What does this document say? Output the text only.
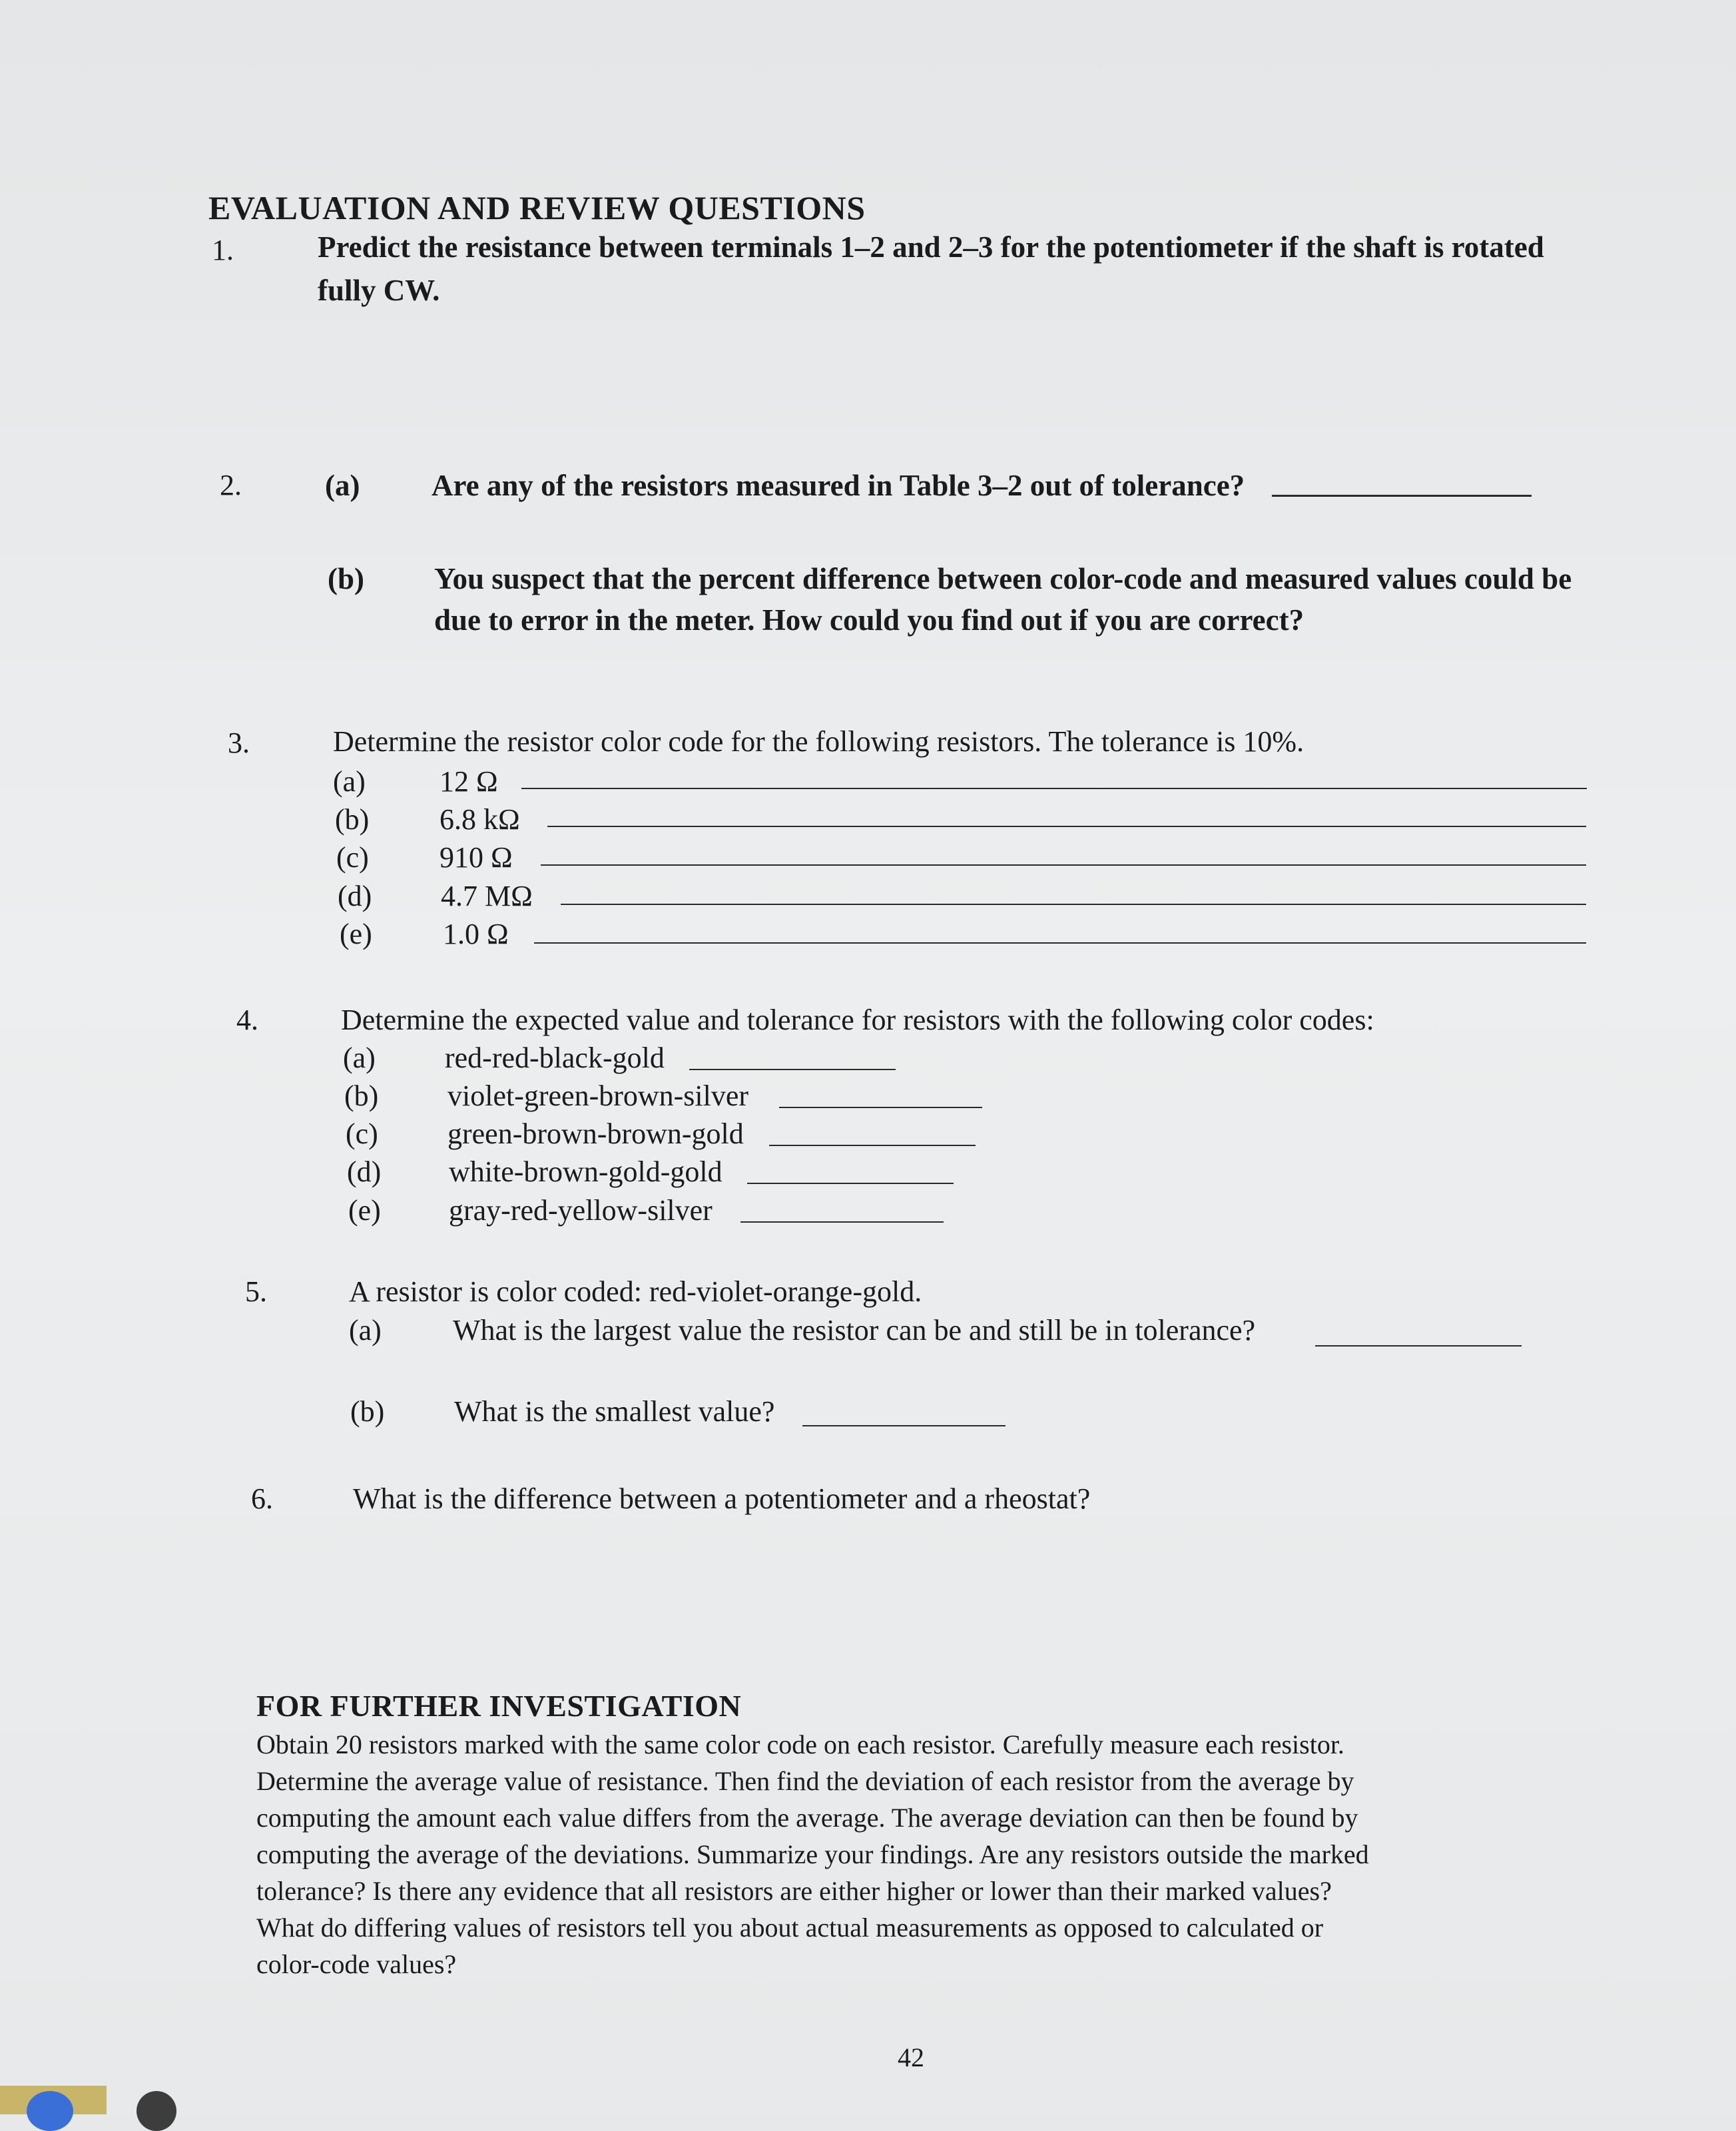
EVALUATION AND REVIEW QUESTIONS
1.	Predict the resistance between terminals 1–2 and 2–3 for the potentiometer if the shaft is rotated
fully CW.
2.	(a) Are any of the resistors measured in Table 3–2 out of tolerance?
(b) You suspect that the percent difference between color-code and measured values could be
due to error in the meter. How could you find out if you are correct?
3.	Determine the resistor color code for the following resistors. The tolerance is 10%.
(a)	12 Ω
(b) 6.8 kΩ
(c) 910 Ω
(d) 4.7 MΩ
(e) 1.0 Ω
4.	Determine the expected value and tolerance for resistors with the following color codes:
(a) red-red-black-gold
(b) violet-green-brown-silver
(c) green-brown-brown-gold
(d) white-brown-gold-gold
(e) gray-red-yellow-silver
5.	A resistor is color coded: red-violet-orange-gold.
(a) What is the largest value the resistor can be and still be in tolerance?
(b) What is the smallest value?
6.	What is the difference between a potentiometer and a rheostat?
FOR FURTHER INVESTIGATION
Obtain 20 resistors marked with the same color code on each resistor. Carefully measure each resistor.
Determine the average value of resistance. Then find the deviation of each resistor from the average by
computing the amount each value differs from the average. The average deviation can then be found by
computing the average of the deviations. Summarize your findings. Are any resistors outside the marked
tolerance? Is there any evidence that all resistors are either higher or lower than their marked values?
What do differing values of resistors tell you about actual measurements as opposed to calculated or
color-code values?
42
